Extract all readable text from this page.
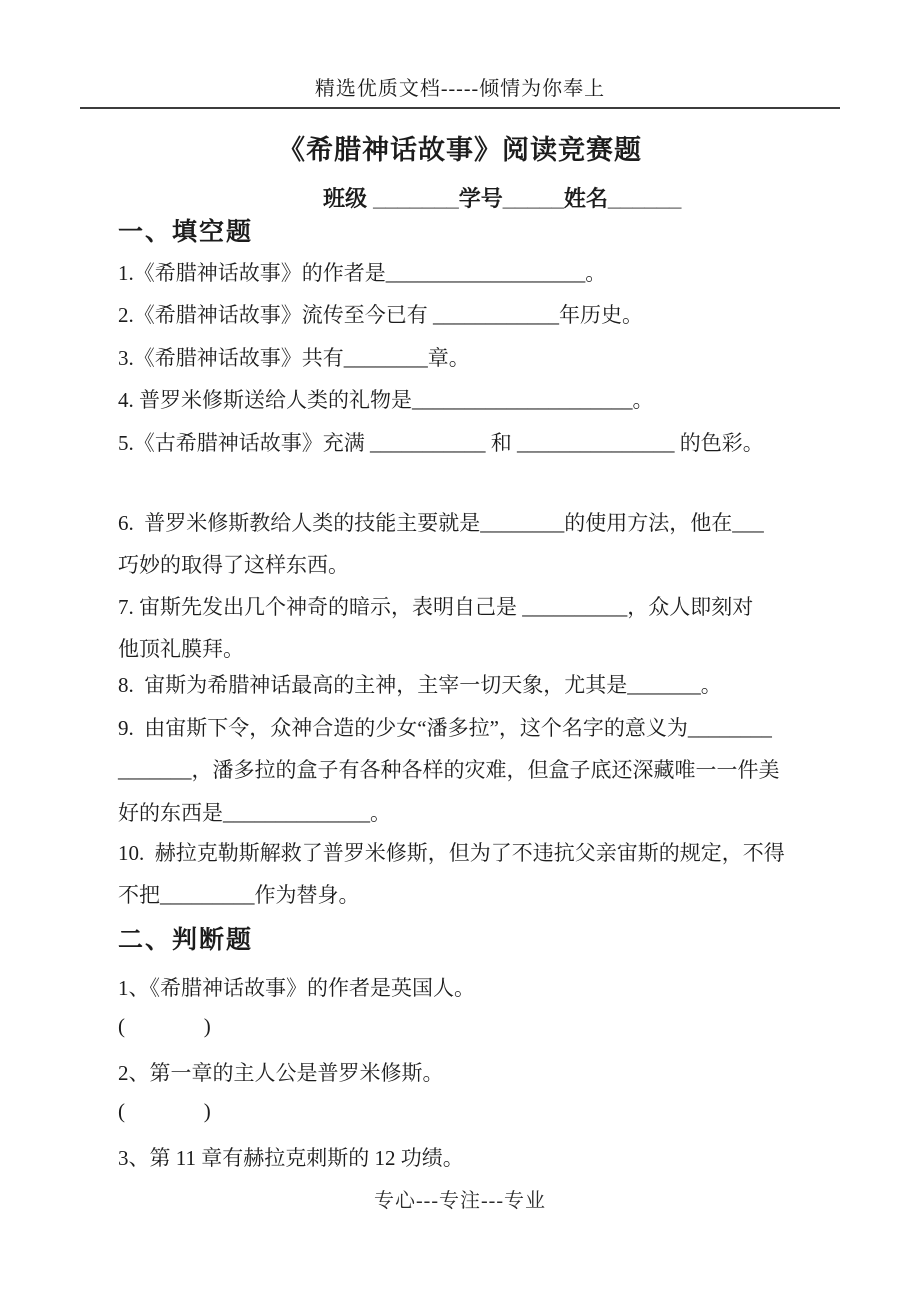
精选优质文档-----倾情为你奉上
《希腊神话故事》阅读竞赛题
班级 _______学号_____姓名______
一、填空题
1.《希腊神话故事》的作者是___________________。
2.《希腊神话故事》流传至今已有 ____________年历史。
3.《希腊神话故事》共有________章。
4. 普罗米修斯送给人类的礼物是_____________________。
5.《古希腊神话故事》充满 ___________ 和 _______________ 的色彩。
6.  普罗米修斯教给人类的技能主要就是________的使用方法，他在___
巧妙的取得了这样东西。
7. 宙斯先发出几个神奇的暗示，表明自己是 __________，众人即刻对
他顶礼膜拜。
8.  宙斯为希腊神话最高的主神，主宰一切天象，尤其是_______。
9.  由宙斯下令，众神合造的少女“潘多拉”，这个名字的意义为________
_______，潘多拉的盒子有各种各样的灾难，但盒子底还深藏唯一一件美
好的东西是______________。
10.  赫拉克勒斯解救了普罗米修斯，但为了不违抗父亲宙斯的规定，不得
不把_________作为替身。
二、判断题
1、《希腊神话故事》的作者是英国人。
(               )
2、第一章的主人公是普罗米修斯。
(               )
3、第 11 章有赫拉克刺斯的 12 功绩。
专心---专注---专业
